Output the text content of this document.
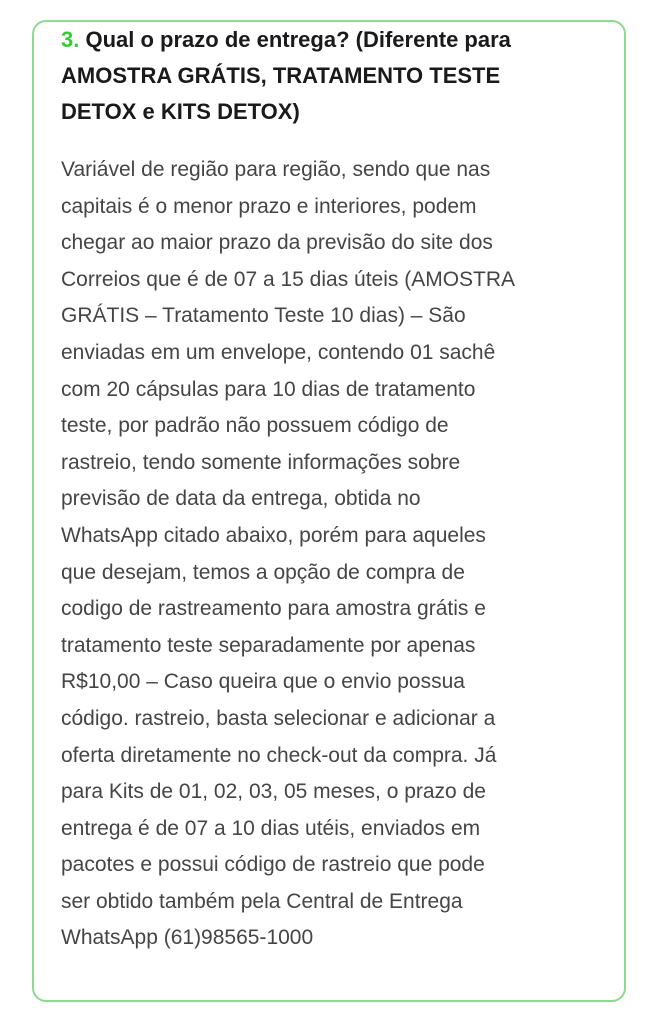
3. Qual o prazo de entrega? (Diferente para AMOSTRA GRÁTIS, TRATAMENTO TESTE DETOX e KITS DETOX)

Variável de região para região, sendo que nas
capitais é o menor prazo e interiores, podem
chegar ao maior prazo da previsão do site dos
Correios que é de 07 a 15 dias úteis (AMOSTRA
GRÁTIS – Tratamento Teste 10 dias) – São
enviadas em um envelope, contendo 01 sachê
com 20 cápsulas para 10 dias de tratamento
teste, por padrão não possuem código de
rastreio, tendo somente informações sobre
previsão de data da entrega, obtida no
WhatsApp citado abaixo, porém para aqueles
que desejam, temos a opção de compra de
codigo de rastreamento para amostra grátis e
tratamento teste separadamente por apenas
R$10,00 – Caso queira que o envio possua
código. rastreio, basta selecionar e adicionar a
oferta diretamente no check-out da compra. Já
para Kits de 01, 02, 03, 05 meses, o prazo de
entrega é de 07 a 10 dias utéis, enviados em
pacotes e possui código de rastreio que pode
ser obtido também pela Central de Entrega
WhatsApp (61)98565-1000
